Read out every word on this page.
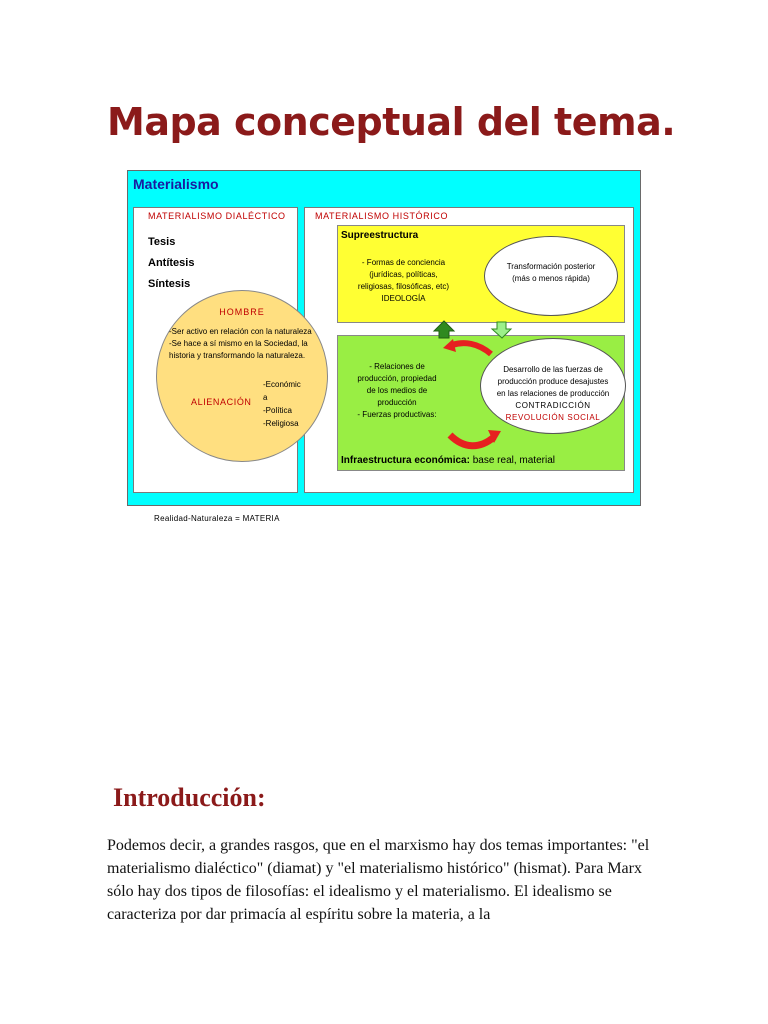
Mapa conceptual del tema.
Materialismo
MATERIALISMO DIALÉCTICO
Tesis
Antítesis
Síntesis
Realidad-Naturaleza = MATERIA
MATERIALISMO HISTÓRICO
HOMBRE
-Ser activo en relación con la naturaleza
-Se hace a sí mismo en la Sociedad, la
historia y transformando la naturaleza.
ALIENACIÓN
-Económic
a
-Política
-Religiosa
Supreestructura
- Formas de conciencia
(jurídicas, políticas,
religiosas, filosóficas, etc)
IDEOLOGÍA
Transformación posterior
(más o menos rápida)
- Relaciones de
producción, propiedad
de los medios de
producción
- Fuerzas productivas:
Infraestructura económica: base real, material
Desarrollo de las fuerzas de
producción produce desajustes
en las relaciones de producción
CONTRADICCIÓN
REVOLUCIÓN SOCIAL
Introducción:

Podemos decir, a grandes rasgos, que en el marxismo hay dos temas importantes: "el materialismo dialéctico" (diamat) y "el materialismo histórico" (hismat). Para Marx sólo hay dos tipos de filosofías: el idealismo y el materialismo. El idealismo se caracteriza por dar primacía al espíritu sobre la materia, a la
